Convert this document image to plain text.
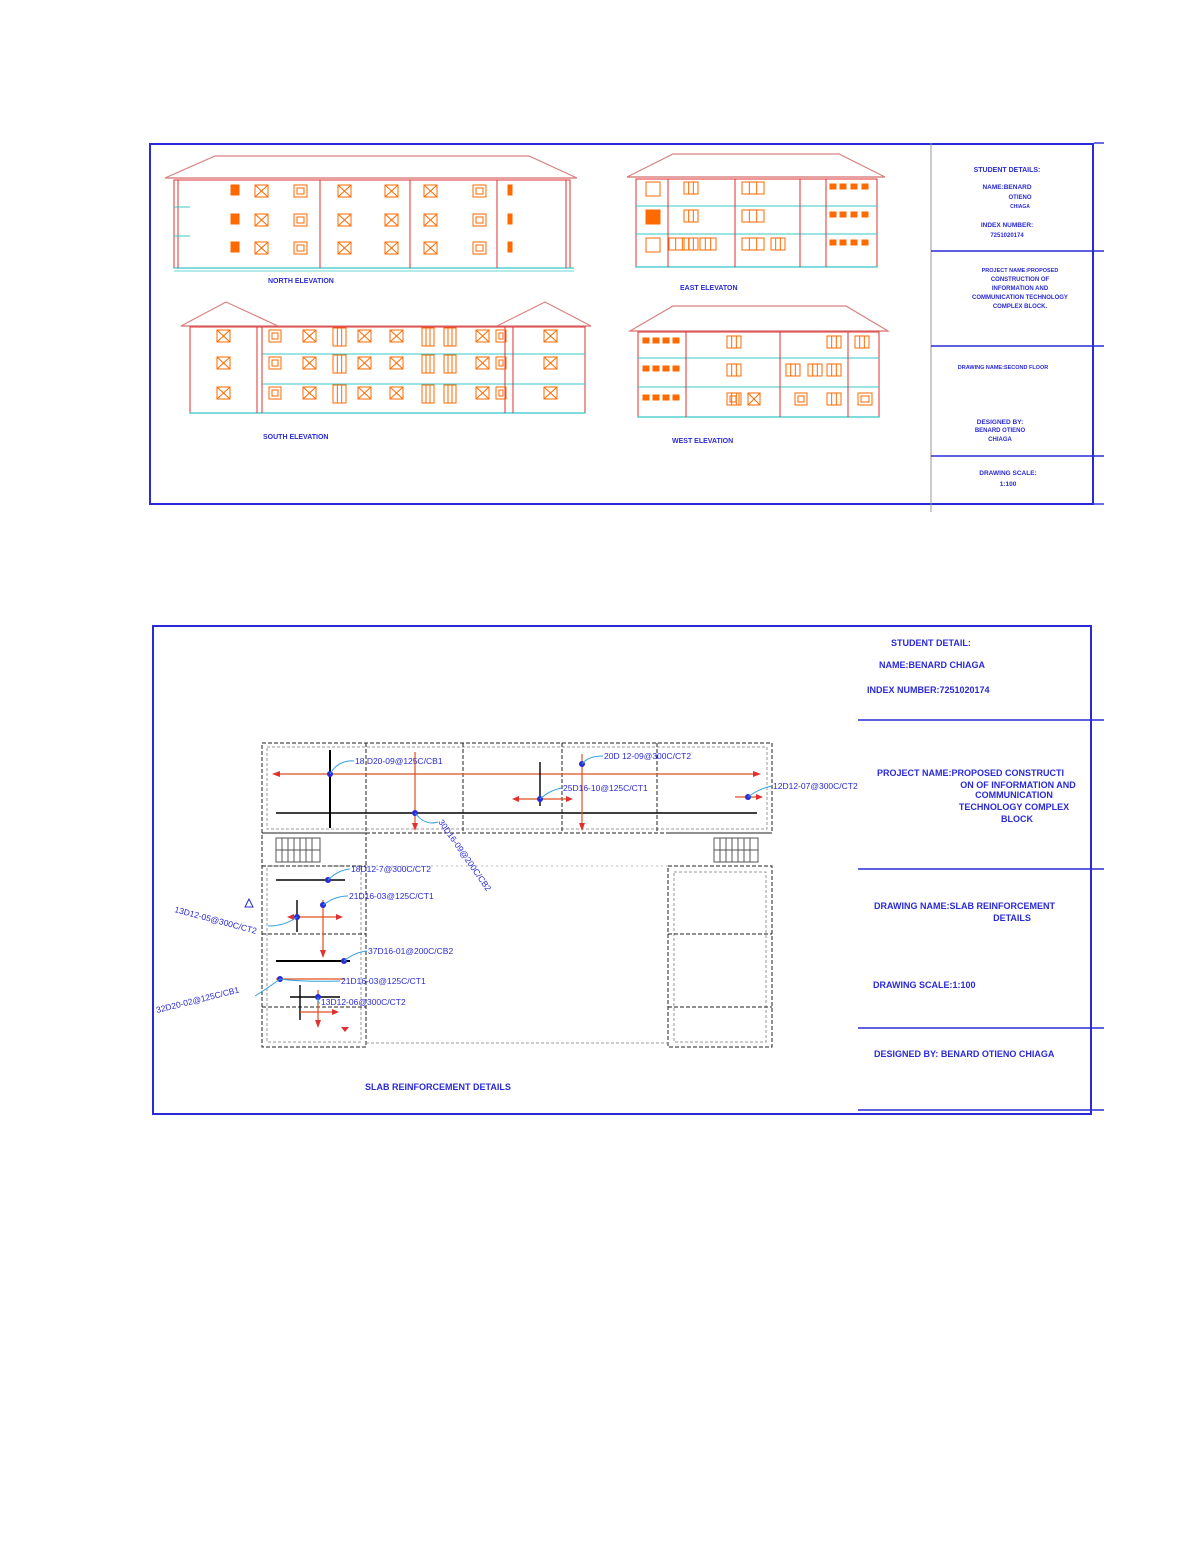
NORTH ELEVATION
EAST ELEVATON
SOUTH ELEVATION
WEST ELEVATION
STUDENT DETAILS:
NAME:BENARD
OTIENO
CHIAGA
INDEX NUMBER:
7251020174
PROJECT NAME:PROPOSED
CONSTRUCTION OF
INFORMATION AND
COMMUNICATION TECHNOLOGY
COMPLEX BLOCK.
DRAWING NAME:SECOND FLOOR
DESIGNED BY:
BENARD OTIENO
CHIAGA
DRAWING SCALE:
1:100
STUDENT DETAIL:
NAME:BENARD CHIAGA
INDEX NUMBER:7251020174
PROJECT NAME:PROPOSED CONSTRUCTI
ON OF INFORMATION AND
COMMUNICATION
TECHNOLOGY COMPLEX
BLOCK
DETAILS
DRAWING NAME:SLAB REINFORCEMENT
DRAWING SCALE:1:100
DESIGNED BY: BENARD OTIENO CHIAGA
18 D20-09@125C/CB1	20D 12-09@300C/CT2
25D16-10@125C/CT1	12D12-07@300C/CT2
30D16-09@200C/CB2
18D12-7@300C/CT2
21D16-03@125C/CT1
13D12-05@300C/CT2
37D16-01@200C/CB2
21D16-03@125C/CT1
32D20-02@125C/CB1	13D12-06@300C/CT2
SLAB REINFORCEMENT DETAILS
